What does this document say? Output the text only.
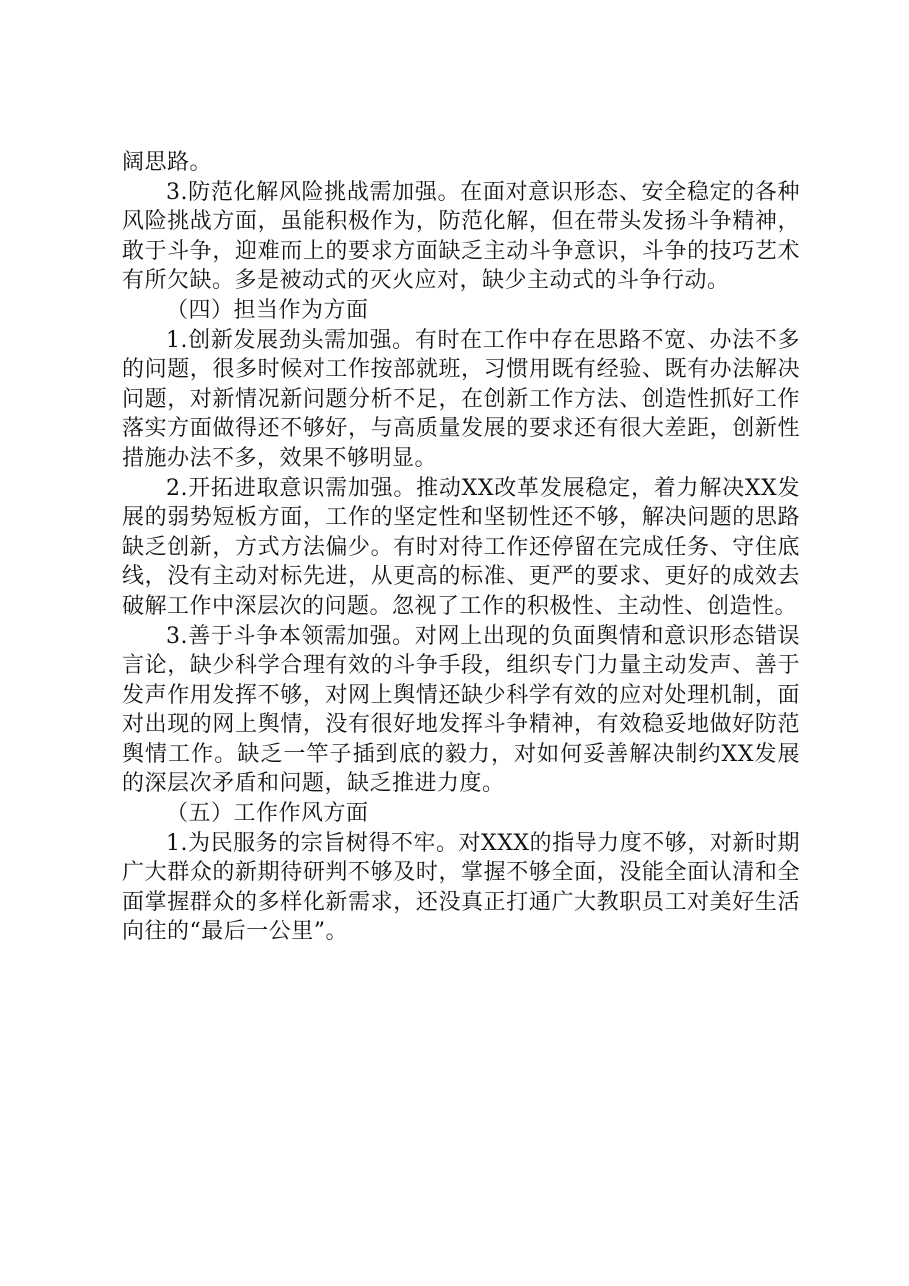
阔思路。

3.防范化解风险挑战需加强。在面对意识形态、安全稳定的各种风险挑战方面，虽能积极作为，防范化解，但在带头发扬斗争精神，敢于斗争，迎难而上的要求方面缺乏主动斗争意识，斗争的技巧艺术有所欠缺。多是被动式的灭火应对，缺少主动式的斗争行动。

（四）担当作为方面

1.创新发展劲头需加强。有时在工作中存在思路不宽、办法不多的问题，很多时候对工作按部就班，习惯用既有经验、既有办法解决问题，对新情况新问题分析不足，在创新工作方法、创造性抓好工作落实方面做得还不够好，与高质量发展的要求还有很大差距，创新性措施办法不多，效果不够明显。

2.开拓进取意识需加强。推动XX改革发展稳定，着力解决XX发展的弱势短板方面，工作的坚定性和坚韧性还不够，解决问题的思路缺乏创新，方式方法偏少。有时对待工作还停留在完成任务、守住底线，没有主动对标先进，从更高的标准、更严的要求、更好的成效去破解工作中深层次的问题。忽视了工作的积极性、主动性、创造性。

3.善于斗争本领需加强。对网上出现的负面舆情和意识形态错误言论，缺少科学合理有效的斗争手段，组织专门力量主动发声、善于发声作用发挥不够，对网上舆情还缺少科学有效的应对处理机制，面对出现的网上舆情，没有很好地发挥斗争精神，有效稳妥地做好防范舆情工作。缺乏一竿子插到底的毅力，对如何妥善解决制约XX发展的深层次矛盾和问题，缺乏推进力度。

（五）工作作风方面

1.为民服务的宗旨树得不牢。对XXX的指导力度不够，对新时期广大群众的新期待研判不够及时，掌握不够全面，没能全面认清和全面掌握群众的多样化新需求，还没真正打通广大教职员工对美好生活向往的“最后一公里”。
